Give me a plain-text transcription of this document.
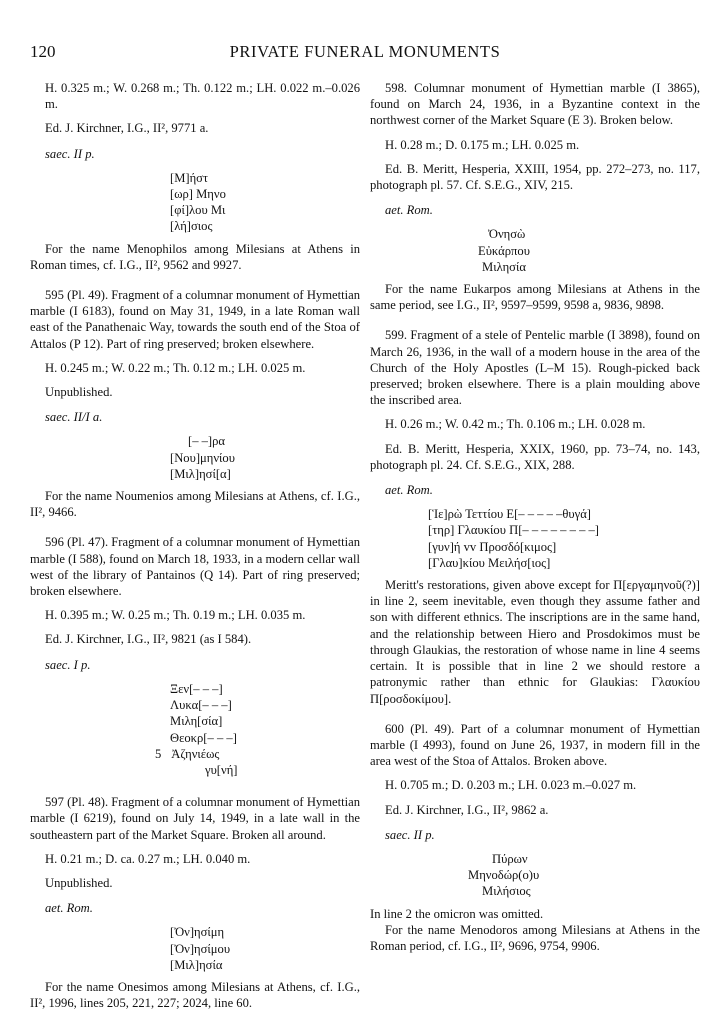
120	PRIVATE FUNERAL MONUMENTS

H. 0.325 m.; W. 0.268 m.; Th. 0.122 m.; LH. 0.022 m.–0.026 m.

Ed. J. Kirchner, I.G., II², 9771 a.

saec. II p.

[Μ]ήστ
[ωρ] Μηνο
[φί]λου Μι
[λή]σιος

For the name Menophilos among Milesians at Athens in Roman times, cf. I.G., II², 9562 and 9927.

595 (Pl. 49). Fragment of a columnar monument of Hymettian marble (I 6183), found on May 31, 1949, in a late Roman wall east of the Panathenaic Way, towards the south end of the Stoa of Attalos (P 12). Part of ring preserved; broken elsewhere.

H. 0.245 m.; W. 0.22 m.; Th. 0.12 m.; LH. 0.025 m.

Unpublished.

saec. II/I a.

[– –]ρα
[Νου]μηνίου
[Μιλ]ησί[α]

For the name Noumenios among Milesians at Athens, cf. I.G., II², 9466.

596 (Pl. 47). Fragment of a columnar monument of Hymettian marble (I 588), found on March 18, 1933, in a modern cellar wall west of the library of Pantainos (Q 14). Part of ring preserved; broken elsewhere.

H. 0.395 m.; W. 0.25 m.; Th. 0.19 m.; LH. 0.035 m.

Ed. J. Kirchner, I.G., II², 9821 (as I 584).

saec. I p.

Ξεν[– – –]
Λυκα[– – –]
Μιλη[σία]
Θεοκρ[– – –]
5 Ἀζηνιέως
γυ[νή]

597 (Pl. 48). Fragment of a columnar monument of Hymettian marble (I 6219), found on July 14, 1949, in a late wall in the southeastern part of the Market Square. Broken all around.

H. 0.21 m.; D. ca. 0.27 m.; LH. 0.040 m.

Unpublished.

aet. Rom.

[Ὀν]ησίμη
[Ὀν]ησίμου
[Μιλ]ησία

For the name Onesimos among Milesians at Athens, cf. I.G., II², 1996, lines 205, 221, 227; 2024, line 60.

598. Columnar monument of Hymettian marble (I 3865), found on March 24, 1936, in a Byzantine context in the northwest corner of the Market Square (E 3). Broken below.

H. 0.28 m.; D. 0.175 m.; LH. 0.025 m.

Ed. B. Meritt, Hesperia, XXIII, 1954, pp. 272–273, no. 117, photograph pl. 57. Cf. S.E.G., XIV, 215.

aet. Rom.

Ὀνησὼ
Εὐκάρπου
Μιλησία

For the name Eukarpos among Milesians at Athens in the same period, see I.G., II², 9597–9599, 9598 a, 9836, 9898.

599. Fragment of a stele of Pentelic marble (I 3898), found on March 26, 1936, in the wall of a modern house in the area of the Church of the Holy Apostles (L–M 15). Rough-picked back preserved; broken elsewhere. There is a plain moulding above the inscribed area.

H. 0.26 m.; W. 0.42 m.; Th. 0.106 m.; LH. 0.028 m.

Ed. B. Meritt, Hesperia, XXIX, 1960, pp. 73–74, no. 143, photograph pl. 24. Cf. S.E.G., XIX, 288.

aet. Rom.

[Ἱε]ρὼ Τεττίου Ε[– – – – –θυγά]
[τηρ] Γλαυκίου Π[– – – – – – – –]
[γυν]ή vv Προσδό[κιμος]
[Γλαυ]κίου Μειλήσ[ιος]

Meritt's restorations, given above except for Π[εργαμηνοῦ(?)] in line 2, seem inevitable, even though they assume father and son with different ethnics. The inscriptions are in the same hand, and the relationship between Hiero and Prosdokimos must be through Glaukias, the restoration of whose name in line 4 seems certain. It is possible that in line 2 we should restore a patronymic rather than ethnic for Glaukias: Γλαυκίου Π[ροσδοκίμου].

600 (Pl. 49). Part of a columnar monument of Hymettian marble (I 4993), found on June 26, 1937, in modern fill in the area west of the Stoa of Attalos. Broken above.

H. 0.705 m.; D. 0.203 m.; LH. 0.023 m.–0.027 m.

Ed. J. Kirchner, I.G., II², 9862 a.

saec. II p.

Πύρων
Μηνοδώρ(ο)υ
Μιλήσιος

In line 2 the omicron was omitted.

For the name Menodoros among Milesians at Athens in the Roman period, cf. I.G., II², 9696, 9754, 9906.
